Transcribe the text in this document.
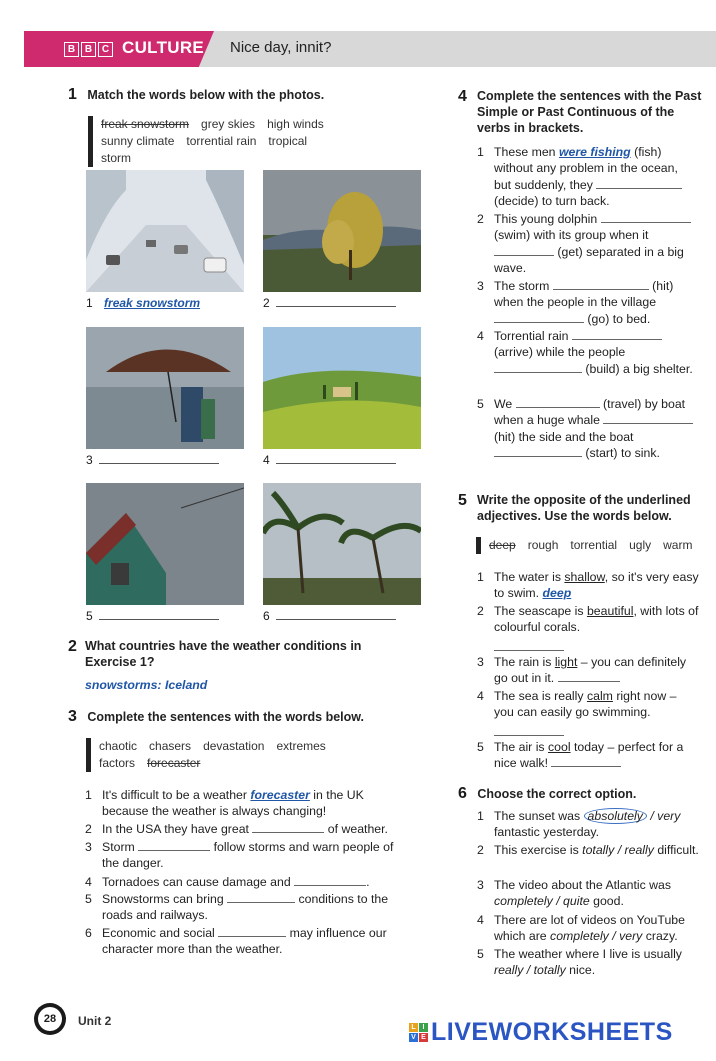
B B C CULTURE Nice day, innit?
1 Match the words below with the photos.
freak snowstorm grey skies high winds
sunny climate torrential rain tropical storm
1 freak snowstorm	2
3	4
5	6
2 What countries have the weather conditions in Exercise 1?
snowstorms: Iceland
3 Complete the sentences with the words below.
chaotic chasers devastation extremes
factors forecaster
1 It's difficult to be a weather forecaster in the UK because the weather is always changing!
2 In the USA they have great	of weather.
3 Storm	follow storms and warn people of the danger.
4 Tornadoes can cause damage and	.
5 Snowstorms can bring	conditions to the roads and railways.
6 Economic and social	may influence our character more than the weather.
4 Complete the sentences with the Past Simple or Past Continuous of the verbs in brackets.
1 These men were fishing (fish) without any problem in the ocean, but suddenly, they  (decide) to turn back.
2 This young dolphin  (swim) with its group when it  (get) separated in a big wave.
3 The storm	(hit) when the people in the village  (go) to bed.
4 Torrential rain  (arrive) while the people  (build) a big shelter.
5 We	(travel) by boat when a huge whale  (hit) the side and the boat  (start) to sink.
5 Write the opposite of the underlined adjectives. Use the words below.
deep rough torrential ugly warm
1 The water is shallow, so it's very easy to swim. deep
2 The seascape is beautiful, with lots of colourful corals.

3 The rain is light – you can definitely go out in it.
4 The sea is really calm right now – you can easily go swimming.

5 The air is cool today – perfect for a nice walk!
6 Choose the correct option.
1 The sunset was absolutely / very fantastic yesterday.
2 This exercise is totally / really difficult.
3 The video about the Atlantic was completely / quite good.
4 There are lot of videos on YouTube which are completely / very crazy.
5 The weather where I live is usually really / totally nice.
28	Unit 2	L I
V E LIVEWORKSHEETS
